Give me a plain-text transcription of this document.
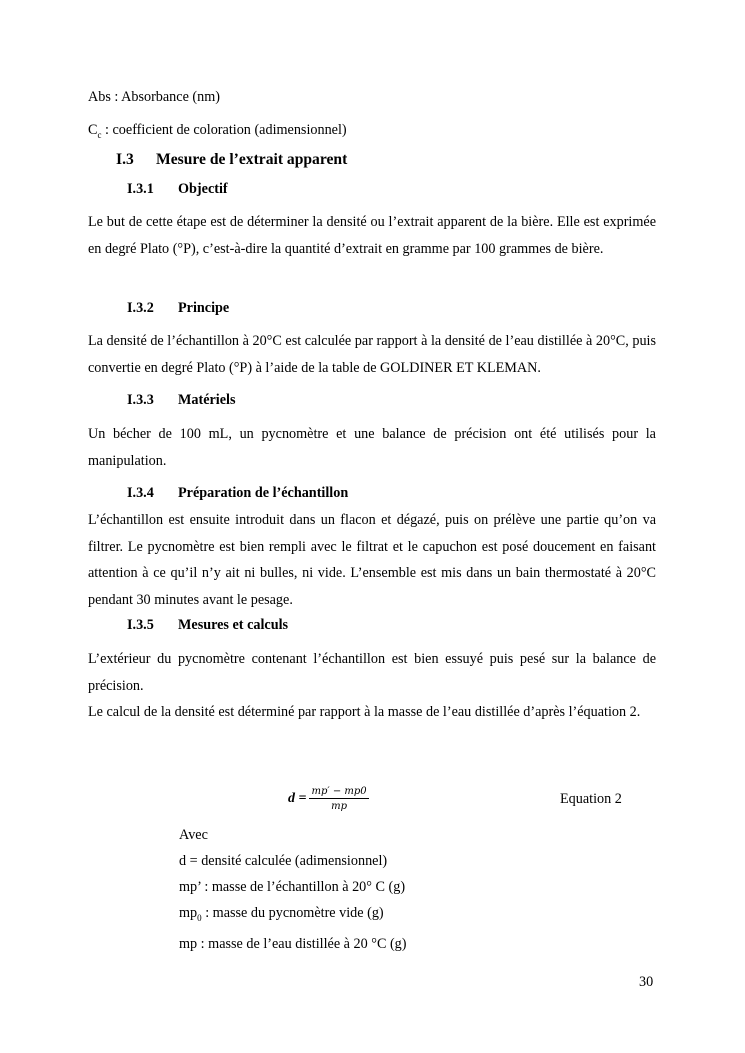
Abs : Absorbance (nm)
$C_c$ : coefficient de coloration (adimensionnel)
I.3 Mesure de l’extrait apparent
I.3.1 Objectif

Le but de cette étape est de déterminer la densité ou l’extrait apparent de la bière. Elle est exprimée en degré Plato (°P), c’est-à-dire la quantité d’extrait en gramme par 100 grammes de bière.

I.3.2 Principe

La densité de l’échantillon à 20°C est calculée par rapport à la densité de l’eau distillée à 20°C, puis convertie en degré Plato (°P) à l’aide de la table de GOLDINER ET KLEMAN.

I.3.3 Matériels

Un bécher de 100 mL, un pycnomètre et une balance de précision ont été utilisés pour la manipulation.

I.3.4 Préparation de l’échantillon

L’échantillon est ensuite introduit dans un flacon et dégazé, puis on prélève une partie qu’on va filtrer. Le pycnomètre est bien rempli avec le filtrat et le capuchon est posé doucement en faisant attention à ce qu’il n’y ait ni bulles, ni vide. L’ensemble est mis dans un bain thermostaté à 20°C pendant 30 minutes avant le pesage.

I.3.5 Mesures et calculs

L’extérieur du pycnomètre contenant l’échantillon est bien essuyé puis pesé sur la balance de précision.

Le calcul de la densité est déterminé par rapport à la masse de l’eau distillée d’après l’équation 2.

$d = \frac{mp' - mp0}{mp}$	Equation 2
Avec
d = densité calculée (adimensionnel)
mp’ : masse de l’échantillon à 20° C (g)
$mp_0$ : masse du pycnomètre vide (g)
mp : masse de l’eau distillée à 20 °C (g)
30
